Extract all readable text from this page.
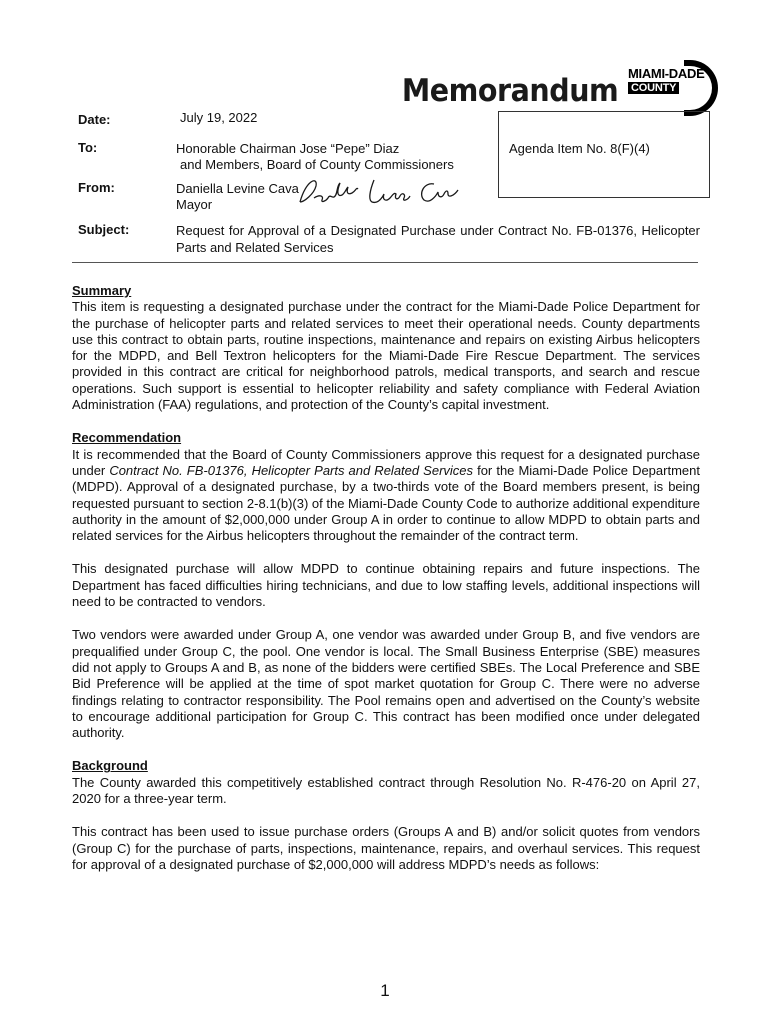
Memorandum MIAMI-DADE
COUNTY
Date:	July 19, 2022
To:	Honorable Chairman Jose “Pepe” Diaz
and Members, Board of County Commissioners
Agenda Item No. 8(F)(4)
From:	Daniella Levine Cava
Mayor
Subject:	Request for Approval of a Designated Purchase under Contract No. FB-01376, Helicopter Parts and Related Services
Summary

This item is requesting a designated purchase under the contract for the Miami-Dade Police Department for the purchase of helicopter parts and related services to meet their operational needs. County departments use this contract to obtain parts, routine inspections, maintenance and repairs on existing Airbus helicopters for the MDPD, and Bell Textron helicopters for the Miami-Dade Fire Rescue Department. The services provided in this contract are critical for neighborhood patrols, medical transports, and search and rescue operations. Such support is essential to helicopter reliability and safety compliance with Federal Aviation Administration (FAA) regulations, and protection of the County’s capital investment.

Recommendation

It is recommended that the Board of County Commissioners approve this request for a designated purchase under Contract No. FB-01376, Helicopter Parts and Related Services for the Miami-Dade Police Department (MDPD). Approval of a designated purchase, by a two-thirds vote of the Board members present, is being requested pursuant to section 2-8.1(b)(3) of the Miami-Dade County Code to authorize additional expenditure authority in the amount of $2,000,000 under Group A in order to continue to allow MDPD to obtain parts and related services for the Airbus helicopters throughout the remainder of the contract term.

This designated purchase will allow MDPD to continue obtaining repairs and future inspections. The Department has faced difficulties hiring technicians, and due to low staffing levels, additional inspections will need to be contracted to vendors.

Two vendors were awarded under Group A, one vendor was awarded under Group B, and five vendors are prequalified under Group C, the pool. One vendor is local. The Small Business Enterprise (SBE) measures did not apply to Groups A and B, as none of the bidders were certified SBEs. The Local Preference and SBE Bid Preference will be applied at the time of spot market quotation for Group C. There were no adverse findings relating to contractor responsibility. The Pool remains open and advertised on the County’s website to encourage additional participation for Group C. This contract has been modified once under delegated authority.

Background

The County awarded this competitively established contract through Resolution No. R-476-20 on April 27, 2020 for a three-year term.

This contract has been used to issue purchase orders (Groups A and B) and/or solicit quotes from vendors (Group C) for the purchase of parts, inspections, maintenance, repairs, and overhaul services. This request for approval of a designated purchase of $2,000,000 will address MDPD’s needs as follows:

1
